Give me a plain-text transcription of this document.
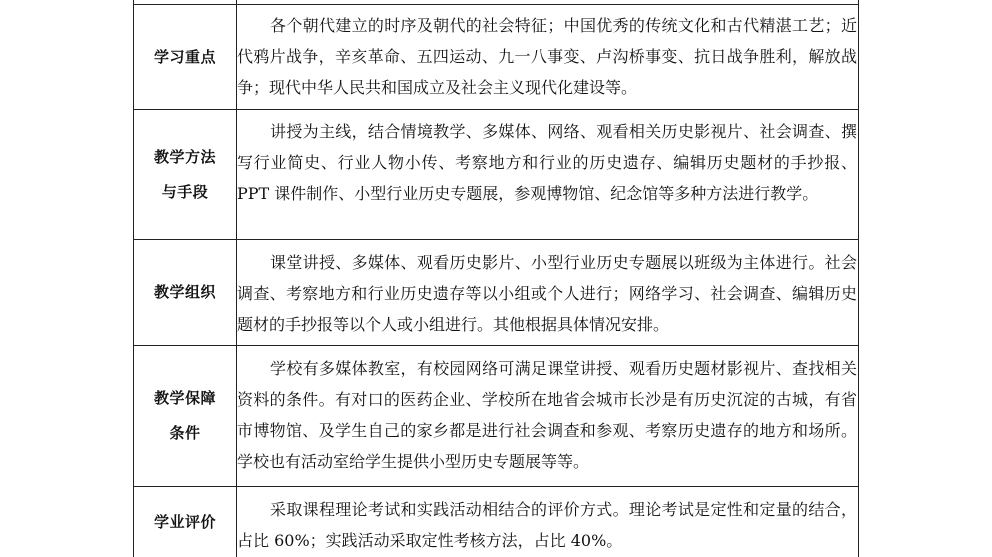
学习重点
各个朝代建立的时序及朝代的社会特征；中国优秀的传统文化和古代精湛工艺；近代鸦片战争，辛亥革命、五四运动、九一八事变、卢沟桥事变、抗日战争胜利，解放战争；现代中华人民共和国成立及社会主义现代化建设等。
教学方法
与手段
讲授为主线，结合情境教学、多媒体、网络、观看相关历史影视片、社会调查、撰写行业简史、行业人物小传、考察地方和行业的历史遗存、编辑历史题材的手抄报、PPT 课件制作、小型行业历史专题展，参观博物馆、纪念馆等多种方法进行教学。
教学组织
课堂讲授、多媒体、观看历史影片、小型行业历史专题展以班级为主体进行。社会调查、考察地方和行业历史遗存等以小组或个人进行；网络学习、社会调查、编辑历史题材的手抄报等以个人或小组进行。其他根据具体情况安排。
教学保障
条件
学校有多媒体教室，有校园网络可满足课堂讲授、观看历史题材影视片、查找相关资料的条件。有对口的医药企业、学校所在地省会城市长沙是有历史沉淀的古城，有省市博物馆、及学生自己的家乡都是进行社会调查和参观、考察历史遗存的地方和场所。学校也有活动室给学生提供小型历史专题展等等。
学业评价
采取课程理论考试和实践活动相结合的评价方式。理论考试是定性和定量的结合，占比 60%；实践活动采取定性考核方法，占比 40%。
